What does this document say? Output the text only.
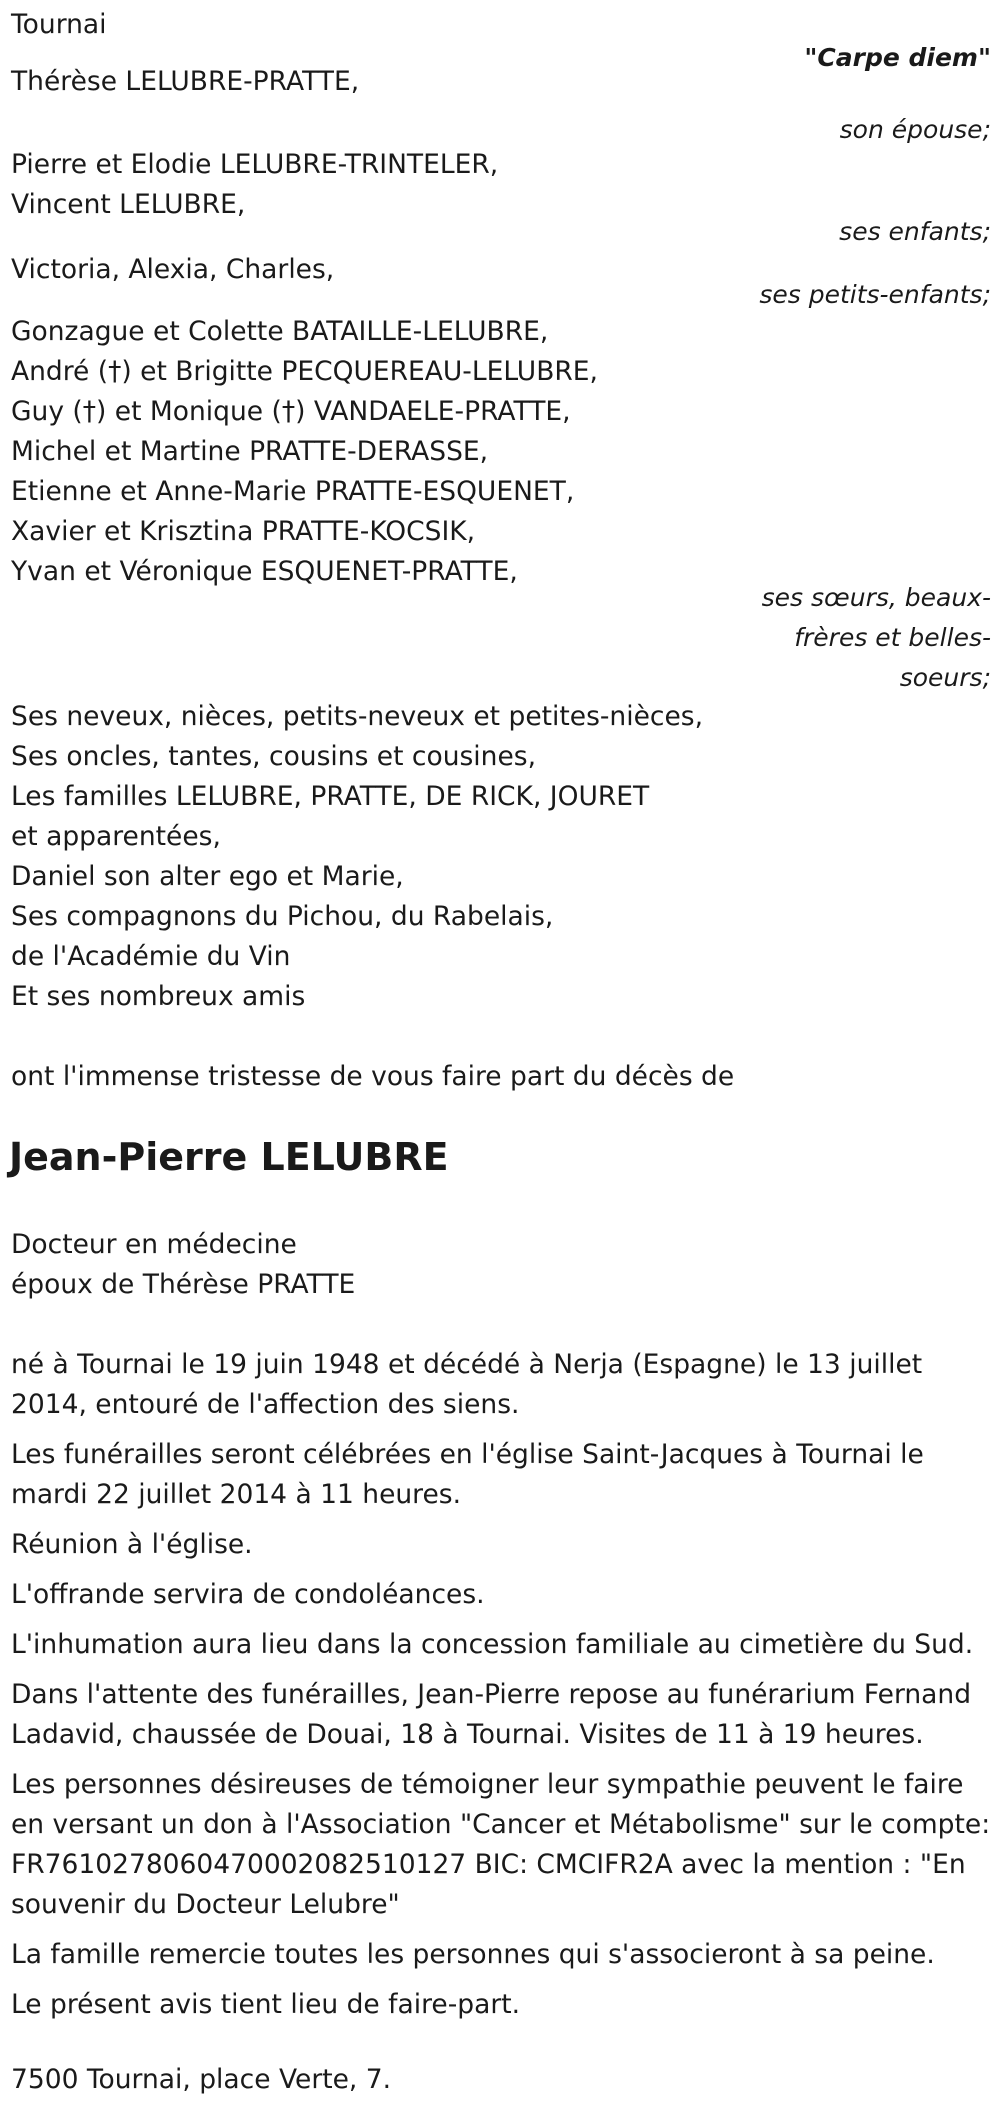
Tournai
"Carpe diem"
Thérèse LELUBRE-PRATTE,
son épouse;
Pierre et Elodie LELUBRE-TRINTELER,
Vincent LELUBRE,
ses enfants;
Victoria, Alexia, Charles,
ses petits-enfants;
Gonzague et Colette BATAILLE-LELUBRE,
André (†) et Brigitte PECQUEREAU-LELUBRE,
Guy (†) et Monique (†) VANDAELE-PRATTE,
Michel et Martine PRATTE-DERASSE,
Etienne et Anne-Marie PRATTE-ESQUENET,
Xavier et Krisztina PRATTE-KOCSIK,
Yvan et Véronique ESQUENET-PRATTE,
ses sœurs, beaux-
frères et belles-
soeurs;
Ses neveux, nièces, petits-neveux et petites-nièces,
Ses oncles, tantes, cousins et cousines,
Les familles LELUBRE, PRATTE, DE RICK, JOURET
et apparentées,
Daniel son alter ego et Marie,
Ses compagnons du Pichou, du Rabelais,
de l'Académie du Vin
Et ses nombreux amis
ont l'immense tristesse de vous faire part du décès de
Jean-Pierre LELUBRE
Docteur en médecine
époux de Thérèse PRATTE

né à Tournai le 19 juin 1948 et décédé à Nerja (Espagne) le 13 juillet 2014, entouré de l'affection des siens.

Les funérailles seront célébrées en l'église Saint-Jacques à Tournai le mardi 22 juillet 2014 à 11 heures.

Réunion à l'église.

L'offrande servira de condoléances.

L'inhumation aura lieu dans la concession familiale au cimetière du Sud.

Dans l'attente des funérailles, Jean-Pierre repose au funérarium Fernand Ladavid, chaussée de Douai, 18 à Tournai. Visites de 11 à 19 heures.

Les personnes désireuses de témoigner leur sympathie peuvent le faire en versant un don à l'Association "Cancer et Métabolisme" sur le compte: FR7610278060470002082510127 BIC: CMCIFR2A avec la mention : "En souvenir du Docteur Lelubre"

La famille remercie toutes les personnes qui s'associeront à sa peine.

Le présent avis tient lieu de faire-part.

7500 Tournai, place Verte, 7.
